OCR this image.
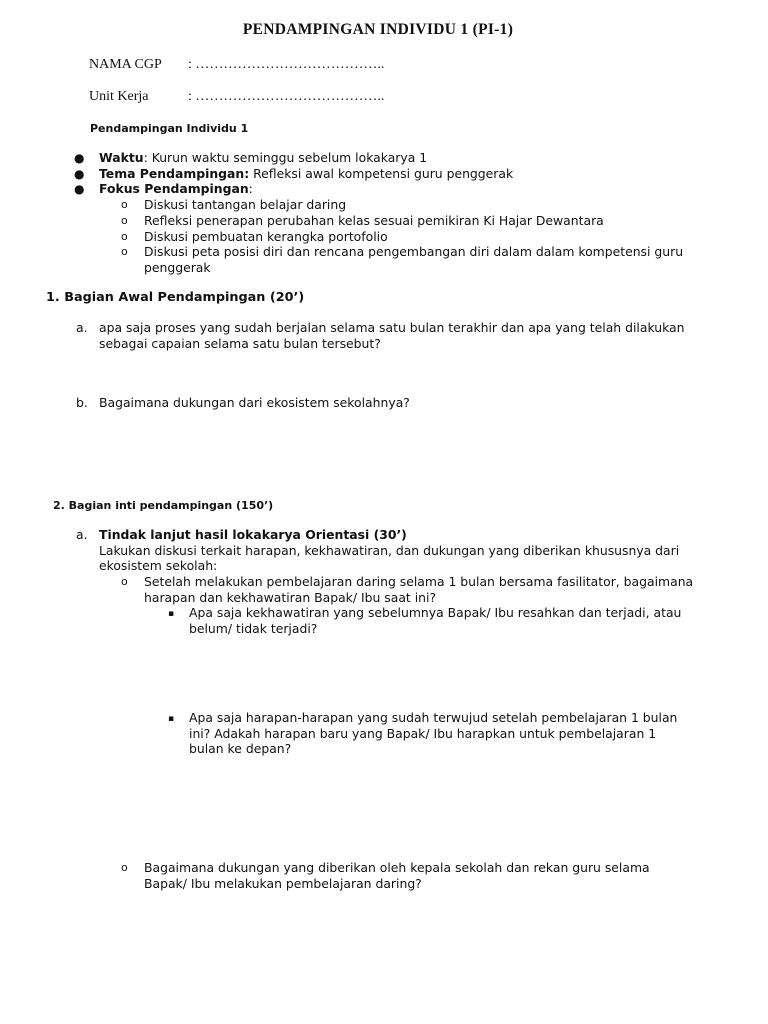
PENDAMPINGAN INDIVIDU 1 (PI-1)
NAMA CGP : …………………………………..
Unit Kerja	: …………………………………..
Pendampingan Individu 1
● Waktu: Kurun waktu seminggu sebelum lokakarya 1
● Tema Pendampingan: Refleksi awal kompetensi guru penggerak
● Fokus Pendampingan:
o Diskusi tantangan belajar daring
o Refleksi penerapan perubahan kelas sesuai pemikiran Ki Hajar Dewantara
o Diskusi pembuatan kerangka portofolio
o Diskusi peta posisi diri dan rencana pengembangan diri dalam dalam kompetensi guru
penggerak
1. Bagian Awal Pendampingan (20’)
a. apa saja proses yang sudah berjalan selama satu bulan terakhir dan apa yang telah dilakukan
sebagai capaian selama satu bulan tersebut?
b. Bagaimana dukungan dari ekosistem sekolahnya?
2. Bagian inti pendampingan (150’)
a. Tindak lanjut hasil lokakarya Orientasi (30’)
Lakukan diskusi terkait harapan, kekhawatiran, dan dukungan yang diberikan khususnya dari
ekosistem sekolah:
o Setelah melakukan pembelajaran daring selama 1 bulan bersama fasilitator, bagaimana
harapan dan kekhawatiran Bapak/ Ibu saat ini?
▪ Apa saja kekhawatiran yang sebelumnya Bapak/ Ibu resahkan dan terjadi, atau
belum/ tidak terjadi?
▪ Apa saja harapan-harapan yang sudah terwujud setelah pembelajaran 1 bulan
ini? Adakah harapan baru yang Bapak/ Ibu harapkan untuk pembelajaran 1
bulan ke depan?
o Bagaimana dukungan yang diberikan oleh kepala sekolah dan rekan guru selama
Bapak/ Ibu melakukan pembelajaran daring?
